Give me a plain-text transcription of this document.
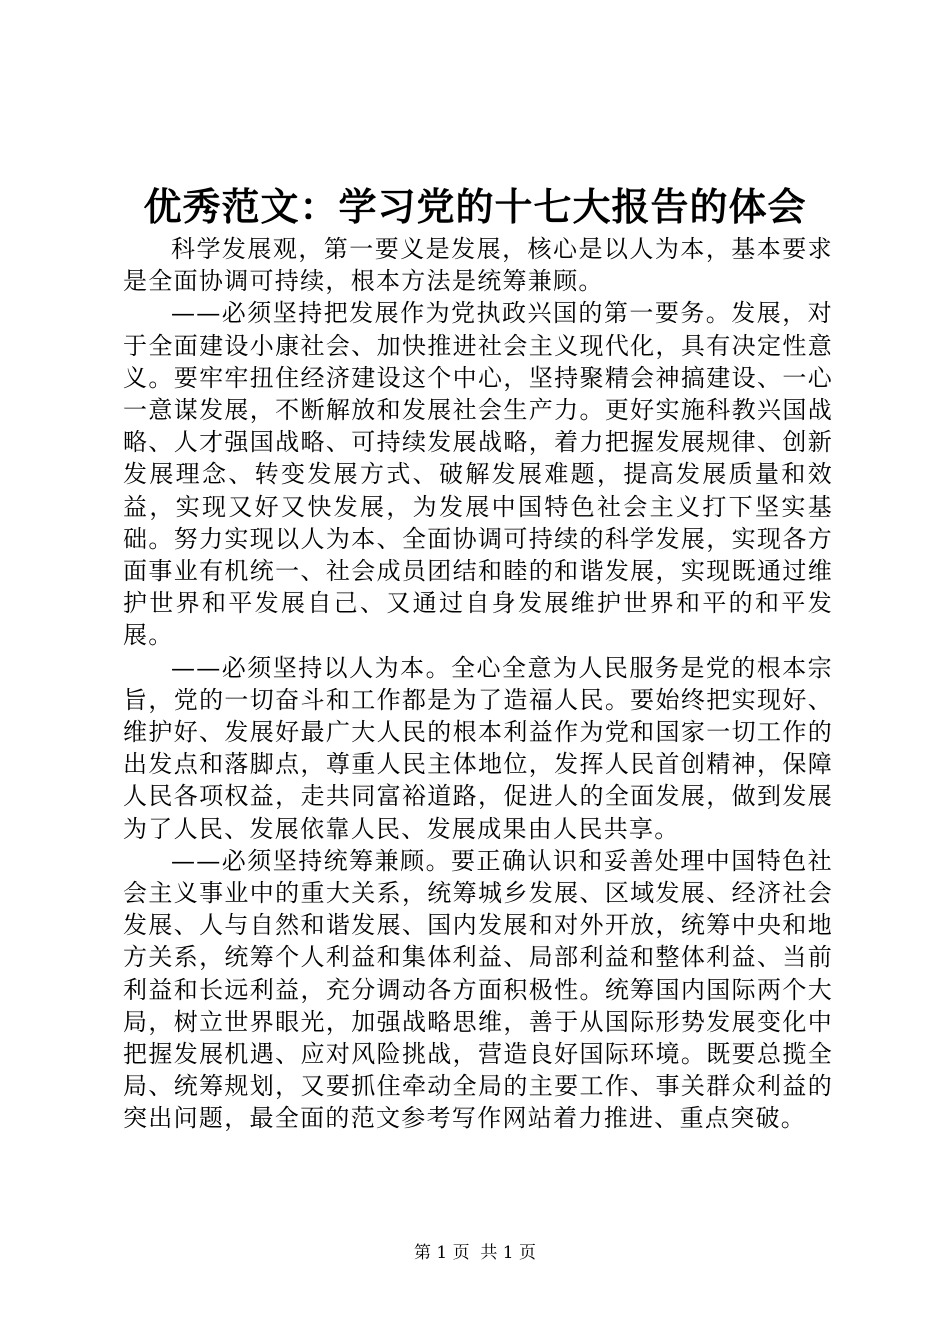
优秀范文：学习党的十七大报告的体会

科学发展观，第一要义是发展，核心是以人为本，基本要求是全面协调可持续，根本方法是统筹兼顾。

——必须坚持把发展作为党执政兴国的第一要务。发展，对于全面建设小康社会、加快推进社会主义现代化，具有决定性意义。要牢牢扭住经济建设这个中心，坚持聚精会神搞建设、一心一意谋发展，不断解放和发展社会生产力。更好实施科教兴国战略、人才强国战略、可持续发展战略，着力把握发展规律、创新发展理念、转变发展方式、破解发展难题，提高发展质量和效益，实现又好又快发展，为发展中国特色社会主义打下坚实基础。努力实现以人为本、全面协调可持续的科学发展，实现各方面事业有机统一、社会成员团结和睦的和谐发展，实现既通过维护世界和平发展自己、又通过自身发展维护世界和平的和平发展。

——必须坚持以人为本。全心全意为人民服务是党的根本宗旨，党的一切奋斗和工作都是为了造福人民。要始终把实现好、维护好、发展好最广大人民的根本利益作为党和国家一切工作的出发点和落脚点，尊重人民主体地位，发挥人民首创精神，保障人民各项权益，走共同富裕道路，促进人的全面发展，做到发展为了人民、发展依靠人民、发展成果由人民共享。

——必须坚持统筹兼顾。要正确认识和妥善处理中国特色社会主义事业中的重大关系，统筹城乡发展、区域发展、经济社会发展、人与自然和谐发展、国内发展和对外开放，统筹中央和地方关系，统筹个人利益和集体利益、局部利益和整体利益、当前利益和长远利益，充分调动各方面积极性。统筹国内国际两个大局，树立世界眼光，加强战略思维，善于从国际形势发展变化中把握发展机遇、应对风险挑战，营造良好国际环境。既要总揽全局、统筹规划，又要抓住牵动全局的主要工作、事关群众利益的突出问题，最全面的范文参考写作网站着力推进、重点突破。

第 1 页  共 1 页
